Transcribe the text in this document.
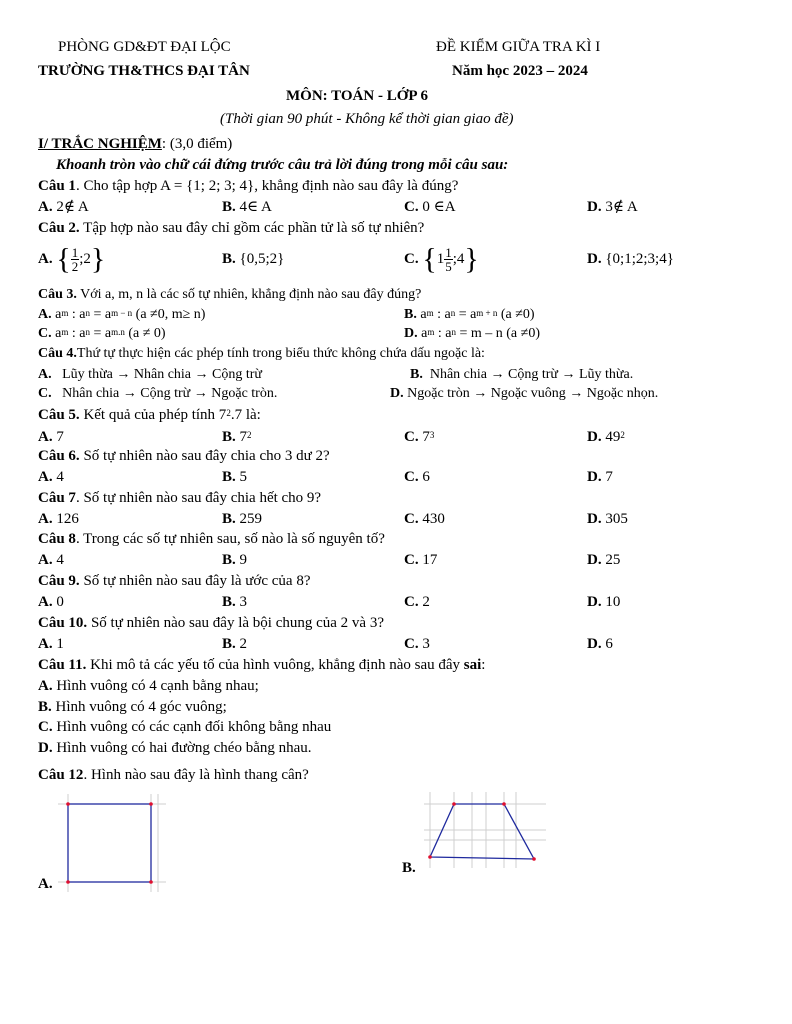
PHÒNG GD&ĐT ĐẠI LỘC	ĐỀ KIỂM GIỮA TRA KÌ I
TRƯỜNG TH&THCS ĐẠI TÂN	Năm học 2023 – 2024
MÔN: TOÁN - LỚP 6
(Thời gian 90 phút - Không kể thời gian giao đề)
I/ TRẮC NGHIỆM: (3,0 điểm)
Khoanh tròn vào chữ cái đứng trước câu trả lời đúng trong mỗi câu sau:
Câu 1. Cho tập hợp A = {1; 2; 3; 4}, khẳng định nào sau đây là đúng?
A. 2∉ A	B. 4∈ A	C. 0 ∈A	D. 3∉ A
Câu 2. Tập hợp nào sau đây chỉ gồm các phần tử là số tự nhiên?
A. { $\frac{1}{2}$ ;2}	B. {0,5;2}	C. {$1 \frac{1}{5}$ ;4}	D. {0;1;2;3;4}
Câu 3. Với a, m, n là các số tự nhiên, khẳng định nào sau đây đúng?
A. $a^m$ : $a^n = a^{m - n}$ (a ≠0, m≥ n)	B. $a^m$ : $a^n = a^{m + n}$ (a ≠0)
C. $a^m$ : $a^n = a^{m.n}$ (a ≠ 0)	D. $a^m$ : $a^n = m - n$ (a ≠0)
Câu 4.Thứ tự thực hiện các phép tính trong biểu thức không chứa dấu ngoặc là:
A. Lũy thừa → Nhân chia → Cộng trừ	B. Nhân chia → Cộng trừ → Lũy thừa.
C. Nhân chia → Cộng trừ → Ngoặc tròn.	D. Ngoặc tròn → Ngoặc vuông → Ngoặc nhọn.
Câu 5. Kết quả của phép tính $7^2.7$ là:
A. 7	B. $7^2$	C. $7^3$	D. $49^2$
Câu 6. Số tự nhiên nào sau đây chia cho 3 dư 2?
A. 4	B. 5	C. 6	D. 7
Câu 7. Số tự nhiên nào sau đây chia hết cho 9?
A. 126	B. 259	C. 430	D. 305
Câu 8. Trong các số tự nhiên sau, số nào là số nguyên tố?
A. 4	B. 9	C. 17	D. 25
Câu 9. Số tự nhiên nào sau đây là ước của 8?
A. 0	B. 3	C. 2	D. 10
Câu 10. Số tự nhiên nào sau đây là bội chung của 2 và 3?
A. 1	B. 2	C. 3	D. 6
Câu 11. Khi mô tả các yếu tố của hình vuông, khẳng định nào sau đây sai:
A. Hình vuông có 4 cạnh bằng nhau;
B. Hình vuông có 4 góc vuông;
C. Hình vuông có các cạnh đối không bằng nhau
D. Hình vuông có hai đường chéo bằng nhau.
Câu 12. Hình nào sau đây là hình thang cân?
A.
B.
